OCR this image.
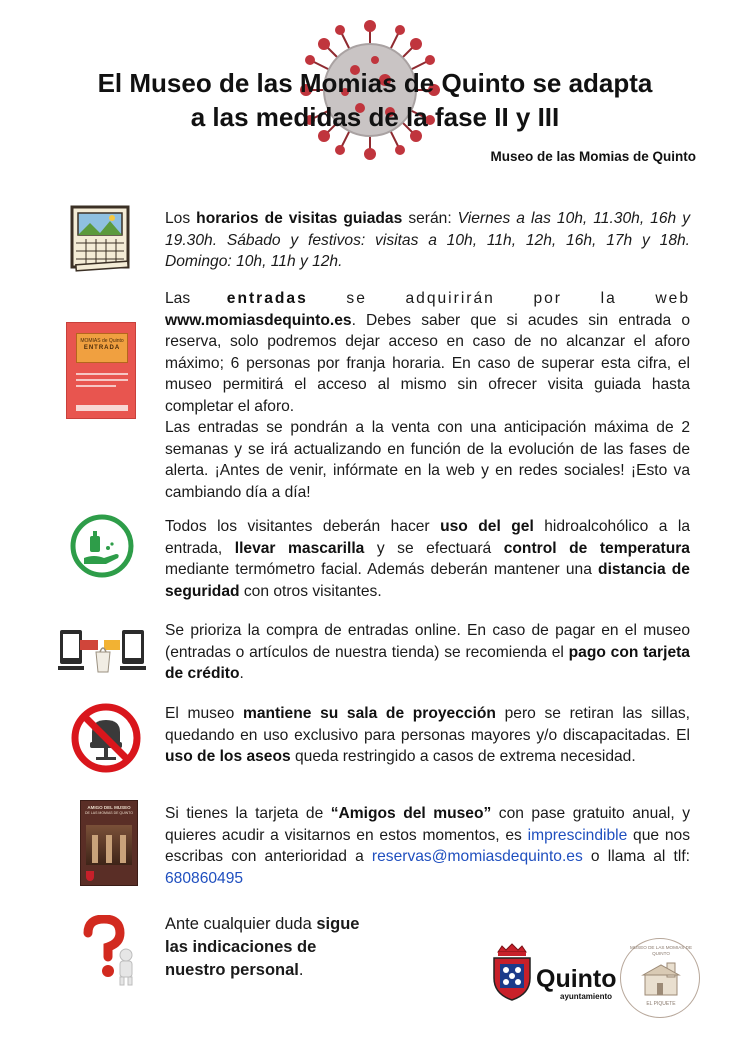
El Museo de las Momias de Quinto se adapta
a las medidas de la fase II y III
Museo de las Momias de Quinto
Los horarios de visitas guiadas serán: Viernes a las 10h, 11.30h, 16h y 19.30h. Sábado y festivos: visitas a 10h, 11h, 12h, 16h, 17h y 18h. Domingo: 10h, 11h y 12h.
MOMIAS de Quinto
ENTRADA
Las entradas se adquirirán por la web
www.momiasdequinto.es. Debes saber que si acudes sin entrada o reserva, solo podremos dejar acceso en caso de no alcanzar el aforo máximo; 6 personas por franja horaria. En caso de superar esta cifra, el museo permitirá el acceso al mismo sin ofrecer visita guiada hasta completar el aforo.
Las entradas se pondrán a la venta con una anticipación máxima de 2 semanas y se irá actualizando en función de la evolución de las fases de alerta. ¡Antes de venir, infórmate en la web y en redes sociales! ¡Esto va cambiando día a día!
Todos los visitantes deberán hacer uso del gel hidroalcohólico a la entrada, llevar mascarilla y se efectuará control de temperatura mediante termómetro facial. Además deberán mantener una distancia de seguridad con otros visitantes.
Se prioriza la compra de entradas online. En caso de pagar en el museo (entradas o artículos de nuestra tienda) se recomienda el pago con tarjeta de crédito.
El museo mantiene su sala de proyección pero se retiran las sillas, quedando en uso exclusivo para personas mayores y/o discapacitadas. El uso de los aseos queda restringido a casos de extrema necesidad.
AMIGO DEL MUSEO
DE LAS MOMIAS DE QUINTO Si tienes la tarjeta de “Amigos del museo” con pase gratuito anual, y quieres acudir a visitarnos en estos momentos, es imprescindible que nos escribas con anterioridad a reservas@momiasdequinto.es o llama al tlf: 680860495
Ante cualquier duda sigue
las indicaciones de
nuestro personal.	Quinto
ayuntamiento
MUSEO DE LAS MOMIAS DE QUINTO
EL PIQUETE
